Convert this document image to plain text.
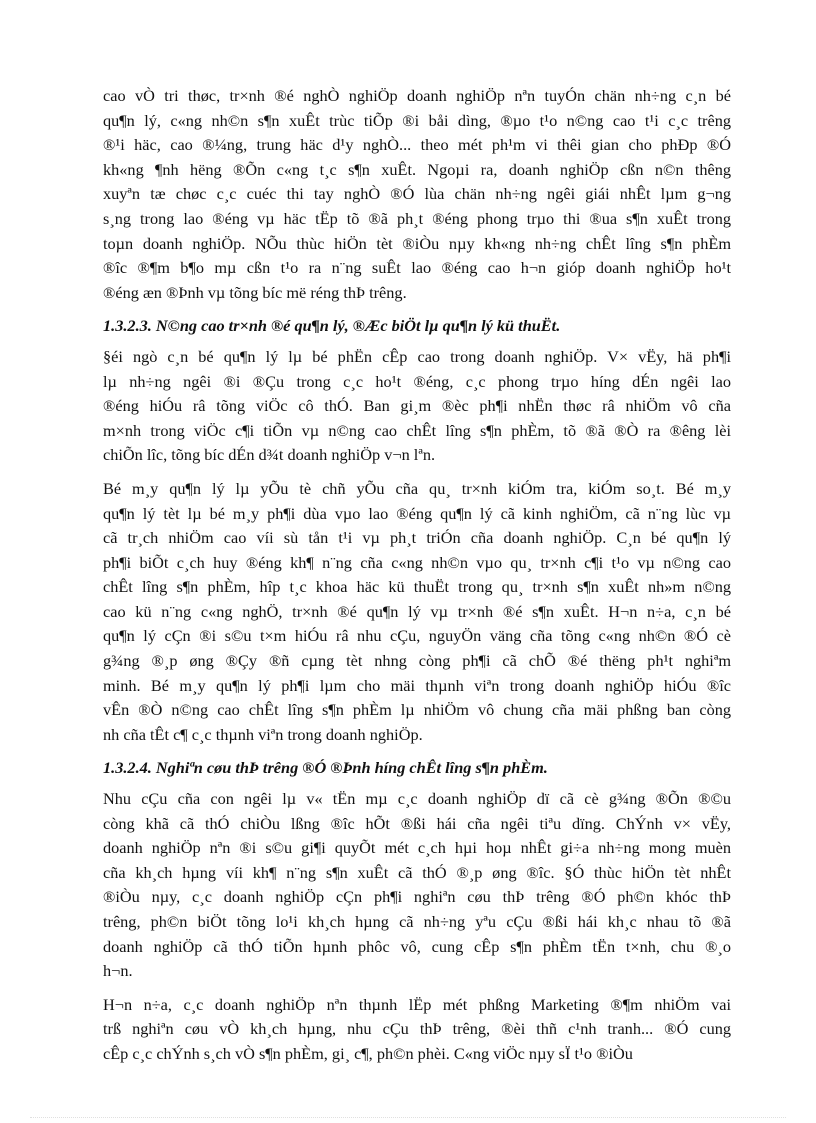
cao vÒ tri thøc, tr×nh ®é nghÒ nghiÖp doanh nghiÖp nªn tuyÓn chän nh÷ng c¸n bé
qu¶n lý, c«ng nh©n s¶n xuÊt trùc tiÕp ®i båi dìng, ®µo t¹o n©ng cao t¹i c¸c trêng
®¹i häc, cao ®¼ng, trung häc d¹y nghÒ... theo mét ph¹m vi thêi gian cho phÐp ®Ó
kh«ng ¶nh hëng ®Õn c«ng t¸c s¶n xuÊt. Ngoµi ra, doanh nghiÖp cßn n©n thêng
xuyªn tæ chøc c¸c cuéc thi tay nghÒ ®Ó lùa chän nh÷ng ngêi giái nhÊt lµm g¬ng
s¸ng trong lao ®éng vµ häc tËp tõ ®ã ph¸t ®éng phong trµo thi ®ua s¶n xuÊt trong
toµn doanh nghiÖp. NÕu thùc hiÖn tèt ®iÒu nµy kh«ng nh÷ng chÊt lîng s¶n phÈm
®îc ®¶m b¶o mµ cßn t¹o ra n¨ng suÊt lao ®éng cao h¬n gióp doanh nghiÖp ho¹t
®éng æn ®Þnh vµ tõng bíc më réng thÞ trêng.
1.3.2.3. N©ng cao tr×nh ®é qu¶n lý, ®Æc biÖt lµ qu¶n lý kü thuËt.
§éi ngò c¸n bé qu¶n lý lµ bé phËn cÊp cao trong doanh nghiÖp. V× vËy, hä ph¶i
lµ nh÷ng ngêi ®i ®Çu trong c¸c ho¹t ®éng, c¸c phong trµo híng dÉn ngêi lao
®éng hiÓu râ tõng viÖc cô thÓ. Ban gi¸m ®èc ph¶i nhËn thøc râ nhiÖm vô cña
m×nh trong viÖc c¶i tiÕn vµ n©ng cao chÊt lîng s¶n phÈm, tõ ®ã ®Ò ra ®êng lèi
chiÕn lîc, tõng bíc dÉn d¾t doanh nghiÖp v¬n lªn.
Bé m¸y qu¶n lý lµ yÕu tè chñ yÕu cña qu¸ tr×nh kiÓm tra, kiÓm so¸t. Bé m¸y
qu¶n lý tèt lµ bé m¸y ph¶i dùa vµo lao ®éng qu¶n lý cã kinh nghiÖm, cã n¨ng lùc vµ
cã tr¸ch nhiÖm cao víi sù tån t¹i vµ ph¸t triÓn cña doanh nghiÖp. C¸n bé qu¶n lý
ph¶i biÕt c¸ch huy ®éng kh¶ n¨ng cña c«ng nh©n vµo qu¸ tr×nh c¶i t¹o vµ n©ng cao
chÊt lîng s¶n phÈm, hîp t¸c khoa häc kü thuËt trong qu¸ tr×nh s¶n xuÊt nh»m n©ng
cao kü n¨ng c«ng nghÖ, tr×nh ®é qu¶n lý vµ tr×nh ®é s¶n xuÊt. H¬n n÷a, c¸n bé
qu¶n lý cÇn ®i s©u t×m hiÓu râ nhu cÇu, nguyÖn väng cña tõng c«ng nh©n ®Ó cè
g¾ng ®¸p øng ®Çy ®ñ cµng tèt nhng còng ph¶i cã chÕ ®é thëng ph¹t nghiªm
minh. Bé m¸y qu¶n lý ph¶i lµm cho mäi thµnh viªn trong doanh nghiÖp hiÓu ®îc
vÊn ®Ò n©ng cao chÊt lîng s¶n phÈm lµ nhiÖm vô chung cña mäi phßng ban còng
nh cña tÊt c¶ c¸c thµnh viªn trong doanh nghiÖp.
1.3.2.4. Nghiªn cøu thÞ trêng ®Ó ®Þnh híng chÊt lîng s¶n phÈm.
Nhu cÇu cña con ngêi lµ v« tËn mµ c¸c doanh nghiÖp dï cã cè g¾ng ®Õn ®©u
còng khã cã thÓ chiÒu lßng ®îc hÕt ®ßi hái cña ngêi tiªu dïng. ChÝnh v× vËy,
doanh nghiÖp nªn ®i s©u gi¶i quyÕt mét c¸ch hµi hoµ nhÊt gi÷a nh÷ng mong muèn
cña kh¸ch hµng víi kh¶ n¨ng s¶n xuÊt cã thÓ ®¸p øng ®îc. §Ó thùc hiÖn tèt nhÊt
®iÒu nµy, c¸c doanh nghiÖp cÇn ph¶i nghiªn cøu thÞ trêng ®Ó ph©n khóc thÞ
trêng, ph©n biÖt tõng lo¹i kh¸ch hµng cã nh÷ng yªu cÇu ®ßi hái kh¸c nhau tõ ®ã
doanh nghiÖp cã thÓ tiÕn hµnh phôc vô, cung cÊp s¶n phÈm tËn t×nh, chu ®¸o
h¬n.
H¬n n÷a, c¸c doanh nghiÖp nªn thµnh lËp mét phßng Marketing ®¶m nhiÖm vai
trß nghiªn cøu vÒ kh¸ch hµng, nhu cÇu thÞ trêng, ®èi thñ c¹nh tranh... ®Ó cung
cÊp c¸c chÝnh s¸ch vÒ s¶n phÈm, gi¸ c¶, ph©n phèi. C«ng viÖc nµy sÏ t¹o ®iÒu
